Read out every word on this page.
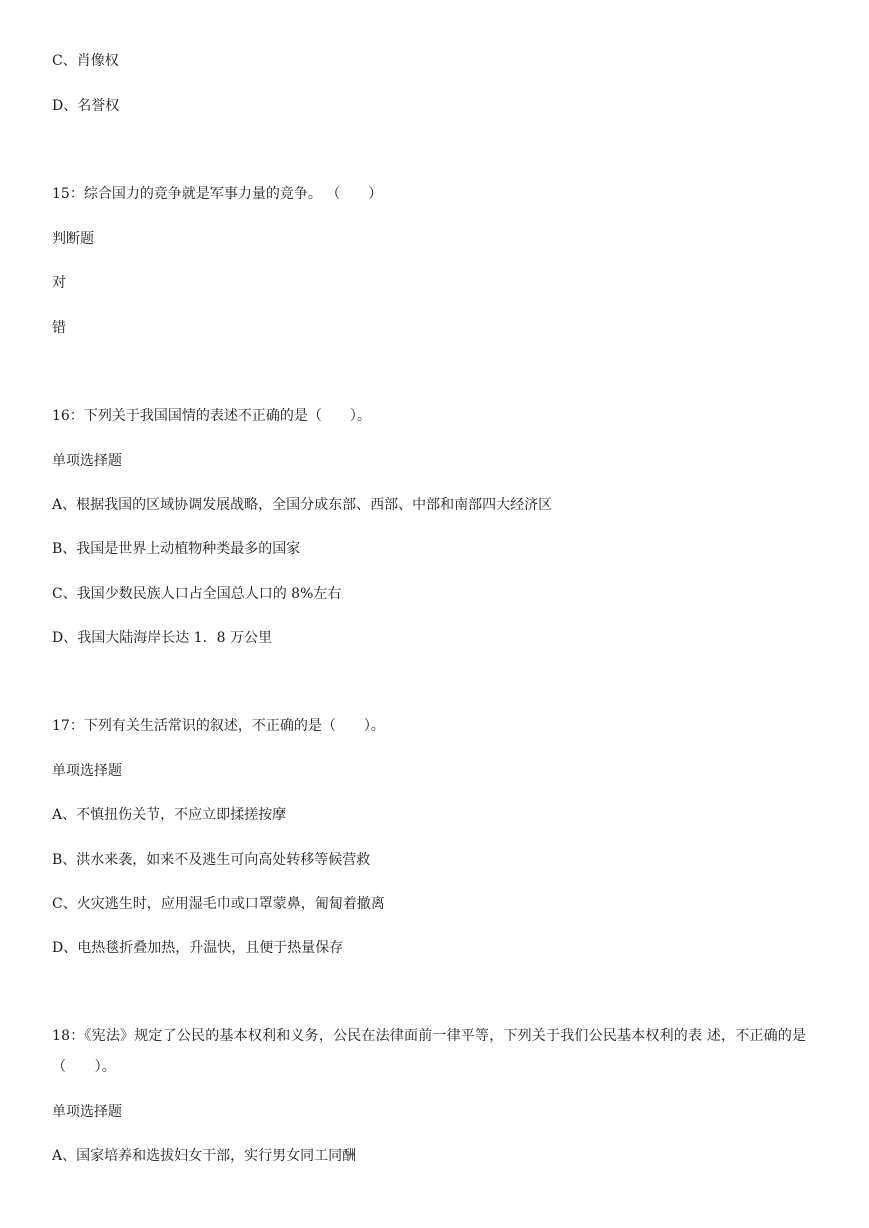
C、肖像权
D、名誉权
15：综合国力的竞争就是军事力量的竞争。 （　　）
判断题
对
错
16：下列关于我国国情的表述不正确的是（　　）。
单项选择题
A、根据我国的区域协调发展战略，全国分成东部、西部、中部和南部四大经济区
B、我国是世界上动植物种类最多的国家
C、我国少数民族人口占全国总人口的 8%左右
D、我国大陆海岸长达 1．8 万公里
17：下列有关生活常识的叙述，不正确的是（　　）。
单项选择题
A、不慎扭伤关节，不应立即揉搓按摩
B、洪水来袭，如来不及逃生可向高处转移等候营救
C、火灾逃生时，应用湿毛巾或口罩蒙鼻，匍匐着撤离
D、电热毯折叠加热，升温快，且便于热量保存
18：《宪法》规定了公民的基本权利和义务，公民在法律面前一律平等，下列关于我们公民基本权利的表 述，不正确的是（　　）。
单项选择题
A、国家培养和选拔妇女干部，实行男女同工同酬
